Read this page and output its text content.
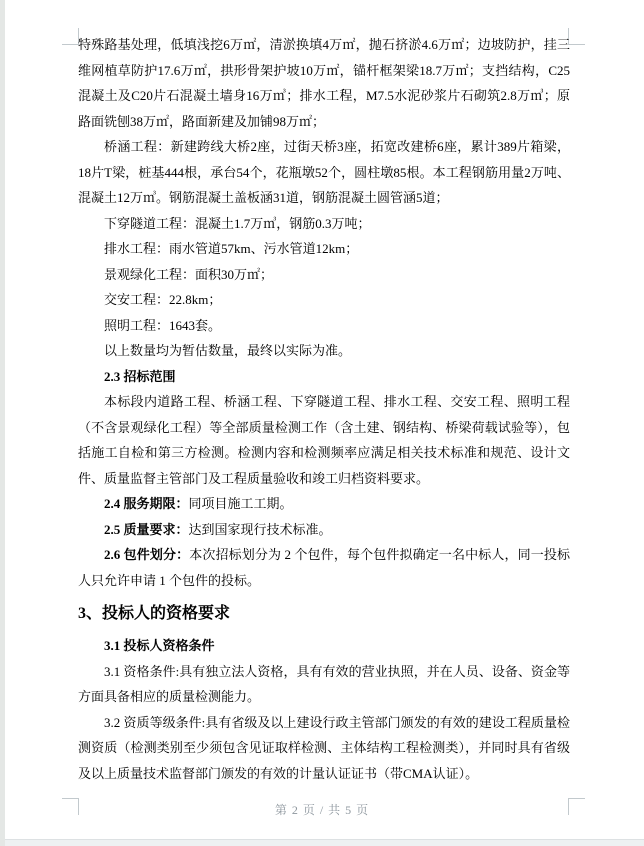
特殊路基处理，低填浅挖6万㎡，清淤换填4万㎡，抛石挤淤4.6万㎡；边坡防护，挂三维网植草防护17.6万㎡，拱形骨架护坡10万㎡，锚杆框架梁18.7万㎡；支挡结构，C25混凝土及C20片石混凝土墙身16万㎥；排水工程，M7.5水泥砂浆片石砌筑2.8万㎥；原路面铣刨38万㎡，路面新建及加铺98万㎡；

桥涵工程：新建跨线大桥2座，过街天桥3座，拓宽改建桥6座，累计389片箱梁，18片T梁，桩基444根，承台54个，花瓶墩52个，圆柱墩85根。本工程钢筋用量2万吨、混凝土12万㎥。钢筋混凝土盖板涵31道，钢筋混凝土圆管涵5道；

下穿隧道工程：混凝土1.7万㎥，钢筋0.3万吨；

排水工程：雨水管道57km、污水管道12km；

景观绿化工程：面积30万㎡；

交安工程：22.8km；

照明工程：1643套。

以上数量均为暂估数量，最终以实际为准。

2.3 招标范围

本标段内道路工程、桥涵工程、下穿隧道工程、排水工程、交安工程、照明工程（不含景观绿化工程）等全部质量检测工作（含土建、钢结构、桥梁荷载试验等），包括施工自检和第三方检测。检测内容和检测频率应满足相关技术标准和规范、设计文件、质量监督主管部门及工程质量验收和竣工归档资料要求。

2.4 服务期限：同项目施工工期。

2.5 质量要求：达到国家现行技术标准。

2.6 包件划分：本次招标划分为 2 个包件，每个包件拟确定一名中标人，同一投标人只允许申请 1 个包件的投标。

3、投标人的资格要求

3.1 投标人资格条件

3.1 资格条件:具有独立法人资格，具有有效的营业执照，并在人员、设备、资金等方面具备相应的质量检测能力。

3.2 资质等级条件:具有省级及以上建设行政主管部门颁发的有效的建设工程质量检测资质（检测类别至少须包含见证取样检测、主体结构工程检测类），并同时具有省级及以上质量技术监督部门颁发的有效的计量认证证书（带CMA认证）。

第 2 页 / 共 5 页
